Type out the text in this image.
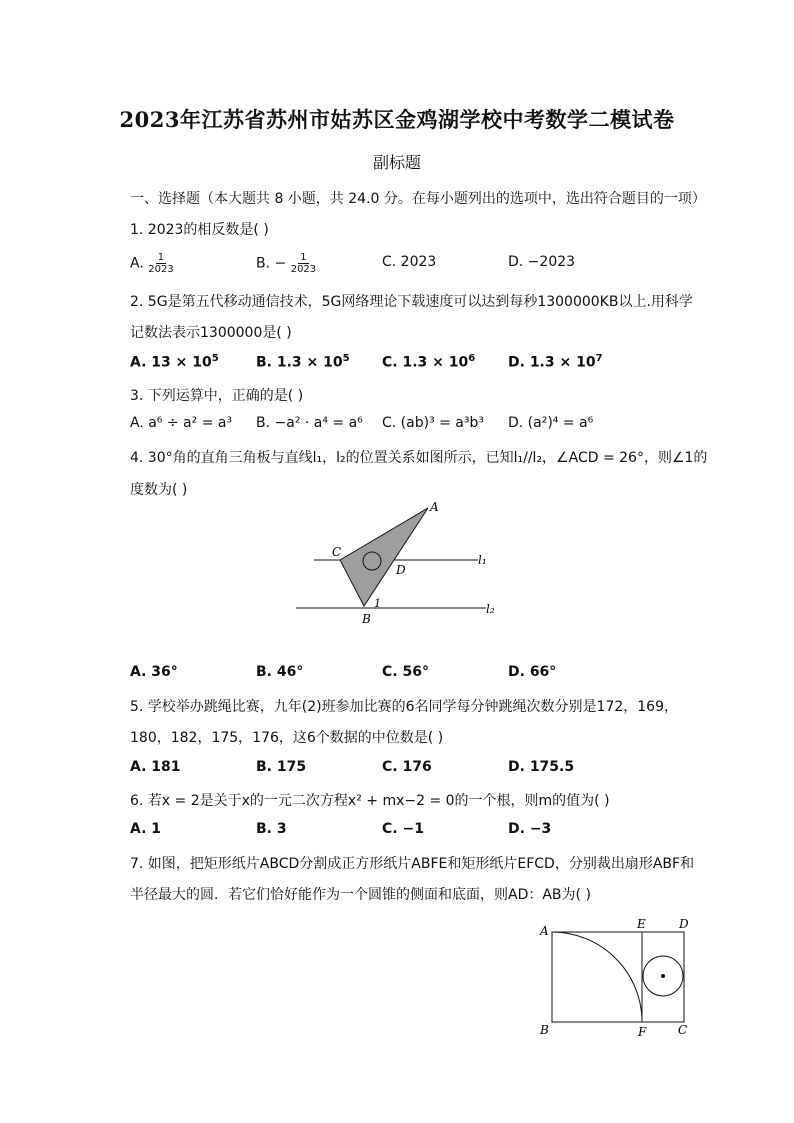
2023年江苏省苏州市姑苏区金鸡湖学校中考数学二模试卷
副标题
一、选择题（本大题共 8 小题，共 24.0 分。在每小题列出的选项中，选出符合题目的一项）
1. 2023的相反数是( )
A. $\frac{1}{2023}$	B. − $\frac{1}{2023}$	C. 2023	D. −2023
2. 5G是第五代移动通信技术，5G网络理论下载速度可以达到每秒1300000KB以上.用科学
记数法表示1300000是( )
A. $13 \times 10^5$	B. $1.3 \times 10^5$ C. $1.3 \times 10^6$ D. $1.3 \times 10^7$
3. 下列运算中，正确的是( )
A. a⁶ ÷ a² = a³ B. −a² · a⁴ = a⁶ C. (ab)³ = a³b³ D. (a²)⁴ = a⁶
4. 30°角的直角三角板与直线l₁，l₂的位置关系如图所示，已知l₁//l₂，∠ACD = 26°，则∠1的
度数为( )
A
C
D
1
B
l₁
l₂
A. 36°	B. 46°	C. 56°	D. 66°
5. 学校举办跳绳比赛，九年(2)班参加比赛的6名同学每分钟跳绳次数分别是172，169，
180，182，175，176，这6个数据的中位数是( )
A. 181	B. 175	C. 176	D. 175.5
6. 若x = 2是关于x的一元二次方程x² + mx−2 = 0的一个根，则m的值为( )
A. 1	B. 3	C. −1	D. −3
7. 如图，把矩形纸片ABCD分割成正方形纸片ABFE和矩形纸片EFCD，分别裁出扇形ABF和
半径最大的圆．若它们恰好能作为一个圆锥的侧面和底面，则AD：AB为( )
A	E	D
B	F	C
